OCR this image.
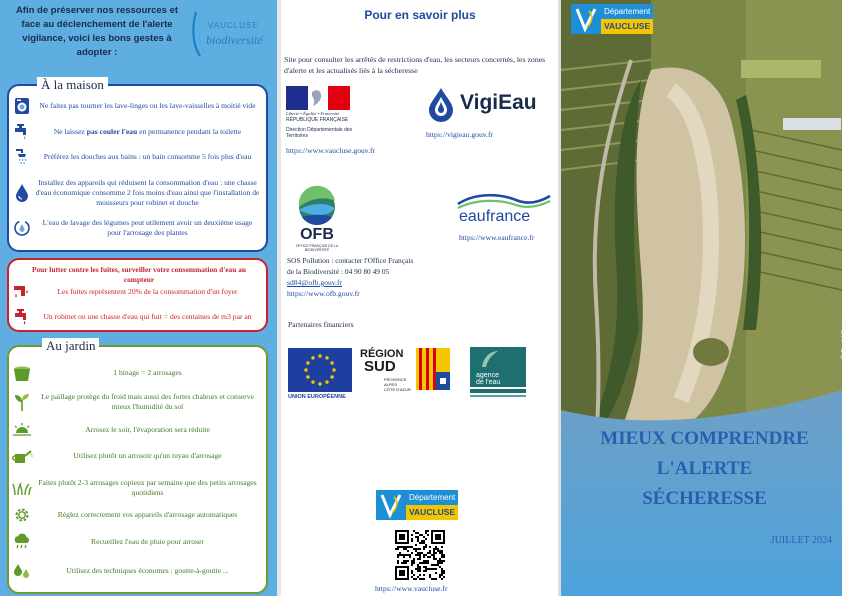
Afin de préserver nos ressources et face au déclenchement de l'alerte vigilance, voici les bons gestes à adopter :
VAUCLUSE
biodiversité
À la maison
Ne faites pas tourner les lave-linges ou les lave-vaisselles à moitié vide
Ne laissez pas couler l'eau en permanence pendant la toilette
Préférez les douches aux bains : un bain consomme 5 fois plus d'eau
Installez des appareils qui réduisent la consommation d'eau : une chasse d'eau économique consomme 2 fois moins d'eau ainsi que l'installation de mousseurs pour robinet et douche
L'eau de lavage des légumes peut utilement avoir un deuxième usage pour l'arrosage des plantes
Pour lutter contre les fuites, surveiller votre consommation d'eau au compteur
Les fuites représentent 20% de la consommation d'un foyer
Un robinet ou une chasse d'eau qui fuit = des centaines de m3 par an
Au jardin
1 binage = 2 arrosages
Le paillage protège du froid mais aussi des fortes chaleurs et conserve mieux l'humidité du sol
Arrosez le soir, l'évaporation sera réduite
Utilisez plutôt un arrosoir qu'un tuyau d'arrosage
Faites plutôt 2-3 arrosages copieux par semaine que des petits arrosages quotidiens
Réglez correctement vos appareils d'arrosage automatiques
Recueillez l'eau de pluie pour arroser
Utilisez des techniques économes : goutte-à-goutte ...
Pour en savoir plus
Site pour consulter les arrêtés de restrictions d'eau, les secteurs concernés, les zones d'alerte et les actualisés liés à la sécheresse
Liberté • Égalité • Fraternité
RÉPUBLIQUE FRANÇAISE
Direction Départementale des Territoires
https://www.vaucluse.gouv.fr
VigiEau
https://vigieau.gouv.fr
OFB
OFFICE FRANÇAIS DE LA BIODIVERSITÉ
SOS Pollution : contacter l'Office Français
de la Biodiversité : 04 90 80 49 05
sd84@ofb.gouv.fr
https://www.ofb.gouv.fr
eaufrance
https://www.eaufrance.fr
Partenaires financiers
UNION EUROPÉENNE
RÉGION
SUD
PROVENCE
ALPES
CÔTE D'AZUR
agence
de l'eau
Département
VAUCLUSE
https://www.vaucluse.fr
Département
VAUCLUSE
© David Bauw
MIEUX COMPRENDRE
L'ALERTE
SÉCHERESSE
JUILLET 2024
